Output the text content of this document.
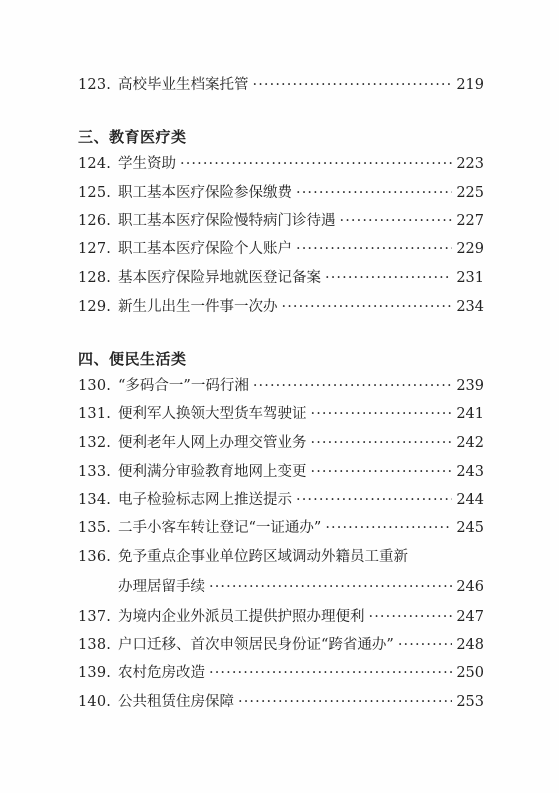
123. 高校毕业生档案托管 ·····	219
三、教育医疗类
124. 学生资助 ·····	223
125. 职工基本医疗保险参保缴费 ·····	225
126. 职工基本医疗保险慢特病门诊待遇 ·····	227
127. 职工基本医疗保险个人账户 ·····	229
128. 基本医疗保险异地就医登记备案 ·····	231
129. 新生儿出生一件事一次办 ·····	234
四、便民生活类
130. “多码合一”一码行湘 ·····	239
131. 便利军人换领大型货车驾驶证 ·····	241
132. 便利老年人网上办理交管业务 ·····	242
133. 便利满分审验教育地网上变更 ·····	243
134. 电子检验标志网上推送提示 ·····	244
135. 二手小客车转让登记“一证通办” ·····	245
136. 免予重点企事业单位跨区域调动外籍员工重新
办理居留手续 ·····	246
137. 为境内企业外派员工提供护照办理便利 ·····	247
138. 户口迁移、首次申领居民身份证“跨省通办” ·····	248
139. 农村危房改造 ·····	250
140. 公共租赁住房保障 ·····	253
